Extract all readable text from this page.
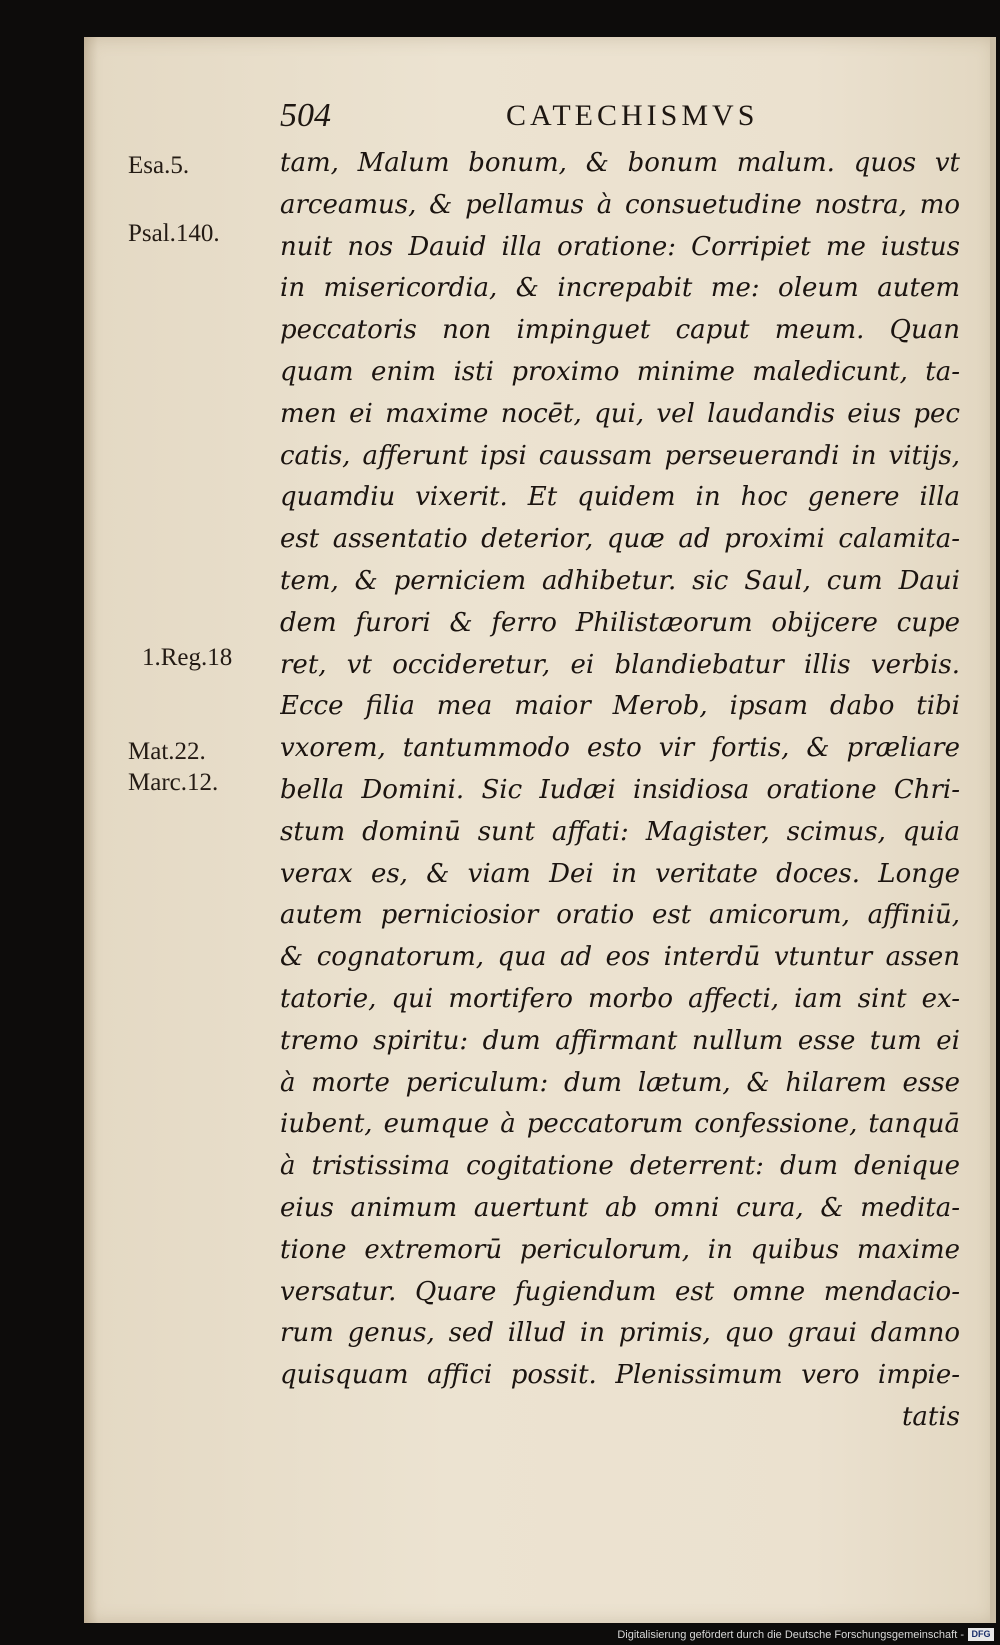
504	CATECHISMVS
Esa.5.
Psal.140.
1.Reg.18
Mat.22.
Marc.12.
tam, Malum bonum, & bonum malum. quos vt
arceamus, & pellamus à consuetudine nostra, mo
nuit nos Dauid illa oratione: Corripiet me iustus
in misericordia, & increpabit me: oleum autem
peccatoris non impinguet caput meum. Quan
quam enim isti proximo minime maledicunt, ta-
men ei maxime nocēt, qui, vel laudandis eius pec
catis, afferunt ipsi caussam perseuerandi in vitijs,
quamdiu vixerit. Et quidem in hoc genere illa
est assentatio deterior, quæ ad proximi calamita-
tem, & perniciem adhibetur. sic Saul, cum Daui
dem furori & ferro Philistæorum obijcere cupe
ret, vt occideretur, ei blandiebatur illis verbis.
Ecce filia mea maior Merob, ipsam dabo tibi
vxorem, tantummodo esto vir fortis, & præliare
bella Domini. Sic Iudæi insidiosa oratione Chri-
stum dominū sunt affati: Magister, scimus, quia
verax es, & viam Dei in veritate doces. Longe
autem perniciosior oratio est amicorum, affiniū,
& cognatorum, qua ad eos interdū vtuntur assen
tatorie, qui mortifero morbo affecti, iam sint ex-
tremo spiritu: dum affirmant nullum esse tum ei
à morte periculum: dum lætum, & hilarem esse
iubent, eumque à peccatorum confessione, tanquā
à tristissima cogitatione deterrent: dum denique
eius animum auertunt ab omni cura, & medita-
tione extremorū periculorum, in quibus maxime
versatur. Quare fugiendum est omne mendacio-
rum genus, sed illud in primis, quo graui damno
quisquam affici possit. Plenissimum vero impie-
tatis
Digitalisierung gefördert durch die Deutsche Forschungsgemeinschaft - DFG
